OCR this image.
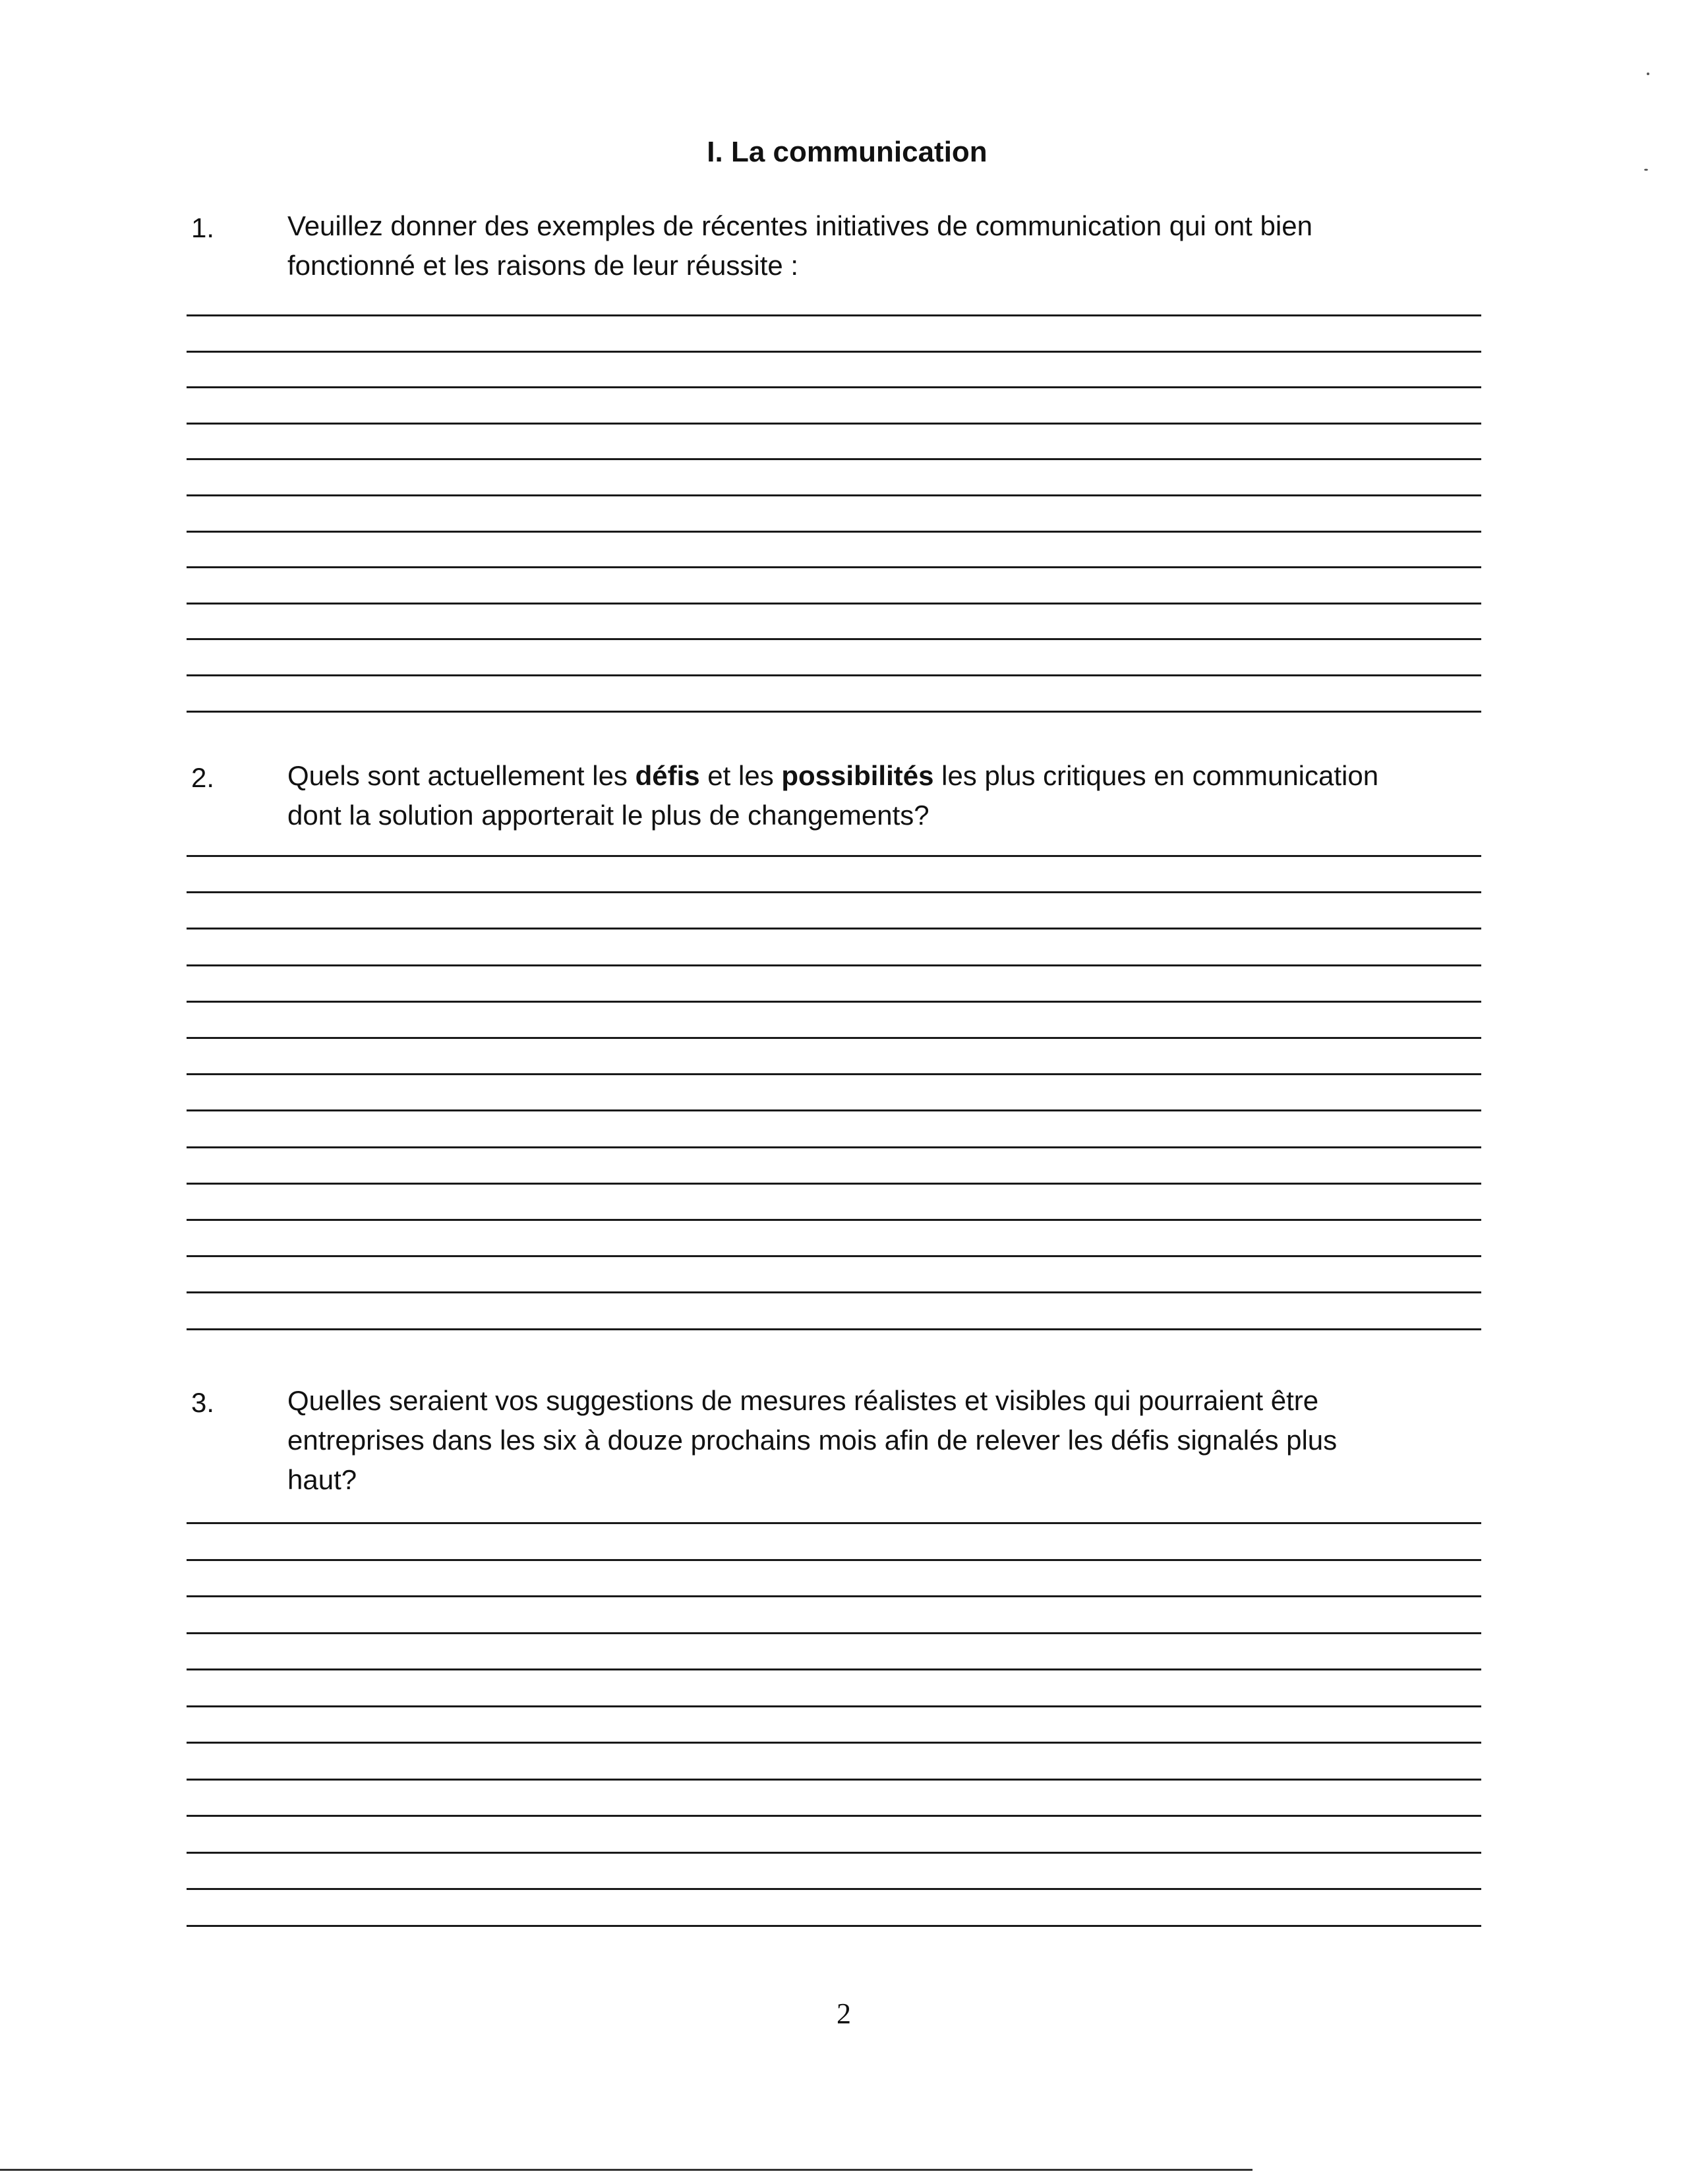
I. La communication
1.	Veuillez donner des exemples de récentes initiatives de communication qui ont bien
fonctionné et les raisons de leur réussite :
2.	Quels sont actuellement les défis et les possibilités les plus critiques en communication
dont la solution apporterait le plus de changements?
3.	Quelles seraient vos suggestions de mesures réalistes et visibles qui pourraient être
entreprises dans les six à douze prochains mois afin de relever les défis signalés plus
haut?
2
